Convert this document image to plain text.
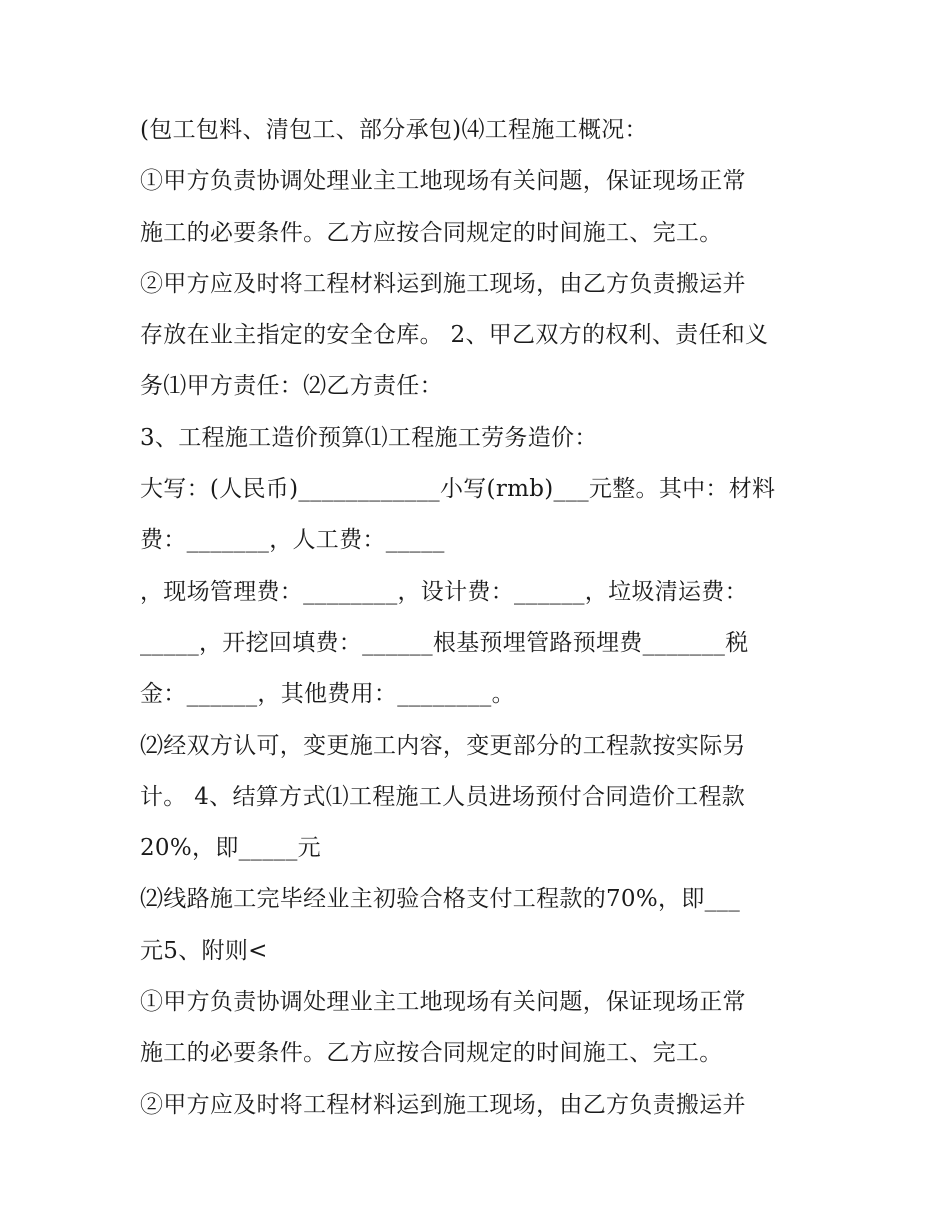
(包工包料、清包工、部分承包)⑷工程施工概况：
①甲方负责协调处理业主工地现场有关问题，保证现场正常
施工的必要条件。乙方应按合同规定的时间施工、完工。
②甲方应及时将工程材料运到施工现场，由乙方负责搬运并
存放在业主指定的安全仓库。 2、甲乙双方的权利、责任和义
务⑴甲方责任：⑵乙方责任：
3、工程施工造价预算⑴工程施工劳务造价：
大写：(人民币)____________小写(rmb)___元整。其中：材料
费：_______，人工费：_____
，现场管理费：________，设计费：______，垃圾清运费：
_____，开挖回填费：______根基预埋管路预埋费_______税
金：______，其他费用：________。
⑵经双方认可，变更施工内容，变更部分的工程款按实际另
计。 4、结算方式⑴工程施工人员进场预付合同造价工程款
20%，即_____元
⑵线路施工完毕经业主初验合格支付工程款的70%，即___
元5、附则<
①甲方负责协调处理业主工地现场有关问题，保证现场正常
施工的必要条件。乙方应按合同规定的时间施工、完工。
②甲方应及时将工程材料运到施工现场，由乙方负责搬运并
